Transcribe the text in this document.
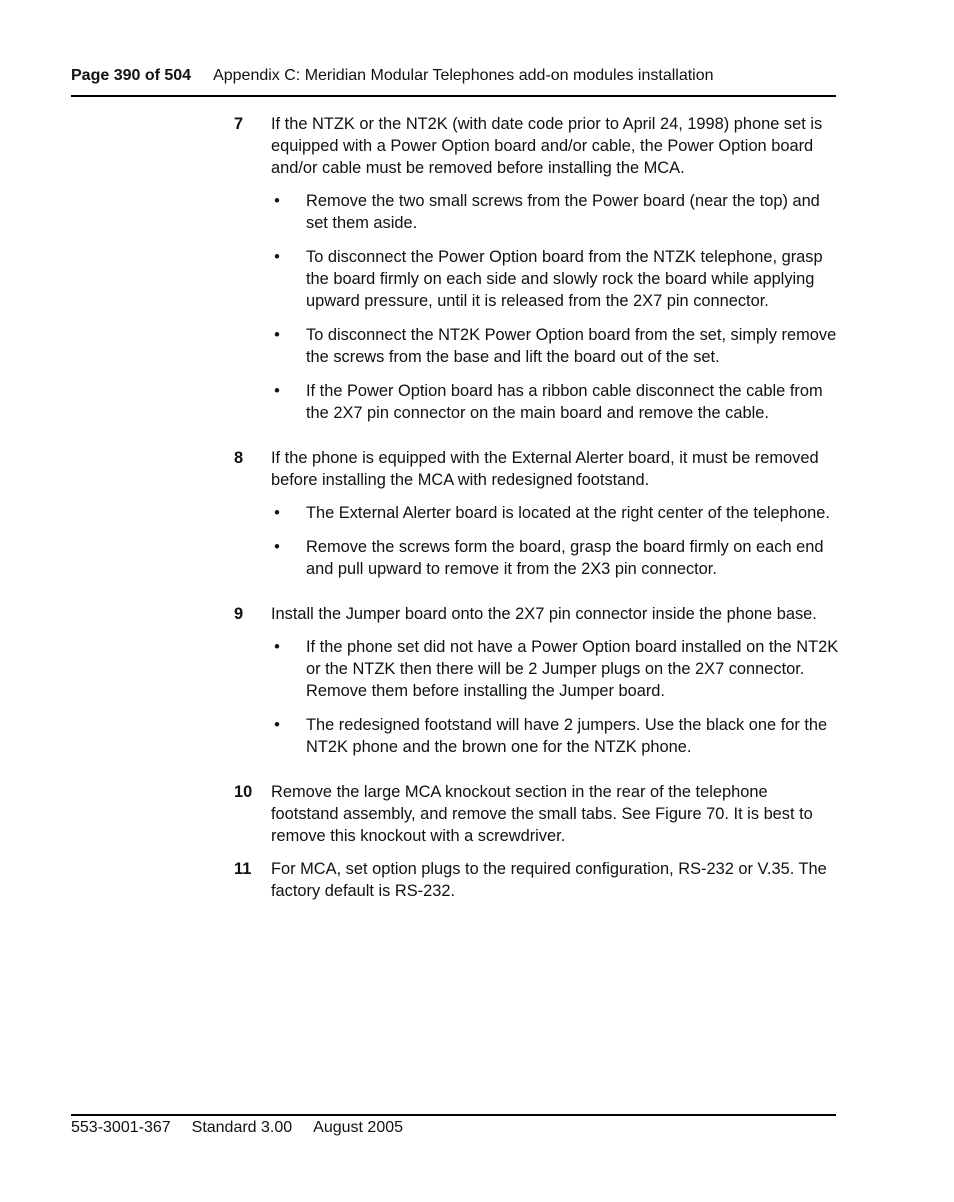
Page 390 of 504 Appendix C: Meridian Modular Telephones add-on modules installation
7 If the NTZK or the NT2K (with date code prior to April 24, 1998) phone set is equipped with a Power Option board and/or cable, the Power Option board and/or cable must be removed before installing the MCA.

• Remove the two small screws from the Power board (near the top) and set them aside.
• To disconnect the Power Option board from the NTZK telephone, grasp the board firmly on each side and slowly rock the board while applying upward pressure, until it is released from the 2X7 pin connector.
• To disconnect the NT2K Power Option board from the set, simply remove the screws from the base and lift the board out of the set.
• If the Power Option board has a ribbon cable disconnect the cable from the 2X7 pin connector on the main board and remove the cable.
8 If the phone is equipped with the External Alerter board, it must be removed before installing the MCA with redesigned footstand.

• The External Alerter board is located at the right center of the telephone.
• Remove the screws form the board, grasp the board firmly on each end and pull upward to remove it from the 2X3 pin connector.
9 Install the Jumper board onto the 2X7 pin connector inside the phone base.

• If the phone set did not have a Power Option board installed on the NT2K or the NTZK then there will be 2 Jumper plugs on the 2X7 connector. Remove them before installing the Jumper board.
• The redesigned footstand will have 2 jumpers. Use the black one for the NT2K phone and the brown one for the NTZK phone.
10 Remove the large MCA knockout section in the rear of the telephone footstand assembly, and remove the small tabs. See Figure 70. It is best to remove this knockout with a screwdriver.

11 For MCA, set option plugs to the required configuration, RS-232 or V.35. The factory default is RS-232.

553-3001-367 Standard 3.00 August 2005
